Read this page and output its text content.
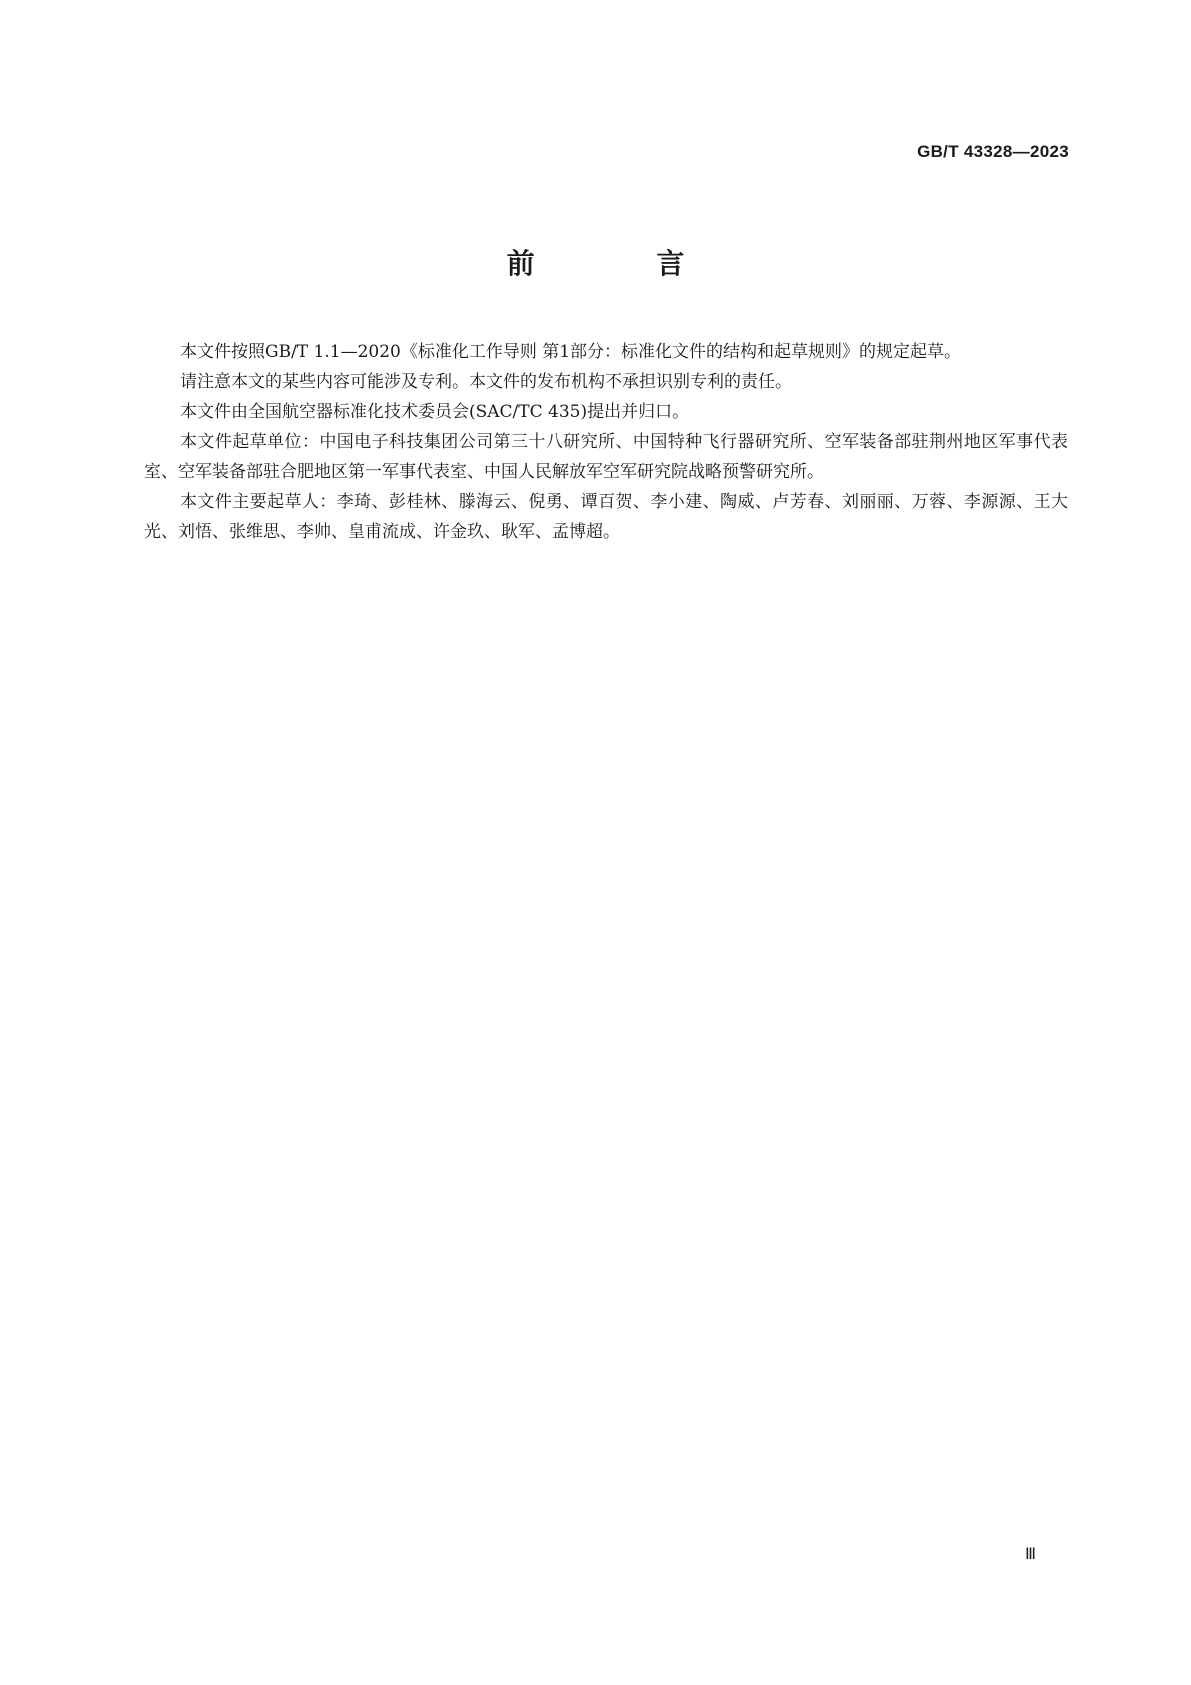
GB/T 43328—2023
前 言

本文件按照GB/T 1.1—2020《标准化工作导则 第1部分：标准化文件的结构和起草规则》的规定起草。

请注意本文的某些内容可能涉及专利。本文件的发布机构不承担识别专利的责任。

本文件由全国航空器标准化技术委员会(SAC/TC 435)提出并归口。

本文件起草单位：中国电子科技集团公司第三十八研究所、中国特种飞行器研究所、空军装备部驻荆州地区军事代表室、空军装备部驻合肥地区第一军事代表室、中国人民解放军空军研究院战略预警研究所。

本文件主要起草人：李琦、彭桂林、滕海云、倪勇、谭百贺、李小建、陶威、卢芳春、刘丽丽、万蓉、李源源、王大光、刘悟、张维思、李帅、皇甫流成、许金玖、耿军、孟博超。

Ⅲ
